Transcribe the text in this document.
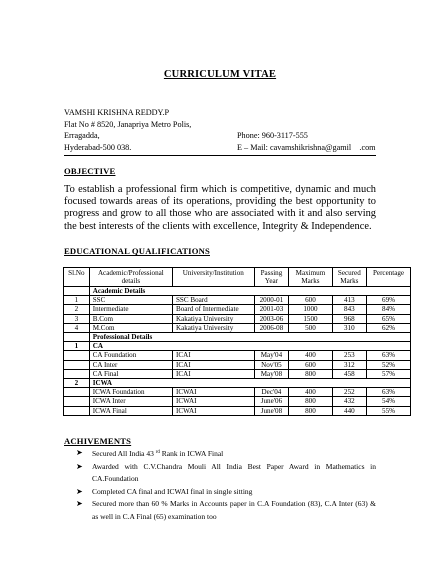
CURRICULUM VITAE
VAMSHI KRISHNA REDDY.P
Flat No # 8520, Janapriya Metro Polis,
Erragadda,
Hyderabad-500 038.
Phone: 960-3117-555
E – Mail: cavamshikrishna@gamil .com
OBJECTIVE
To establish a professional firm which is competitive, dynamic and much focused towards areas of its operations, providing the best opportunity to progress and grow to all those who are associated with it and also serving the best interests of the clients with excellence, Integrity & Independence.
EDUCATIONAL QUALIFICATIONS
Sl.No	Academic/Professional details	University/Institution	Passing Year	Maximum Marks	Secured Marks	Percentage
	Academic Details					
1	SSC	SSC Board	2000-01	600	413	69%
2	Intermediate	Board of Intermediate	2001-03	1000	843	84%
3	B.Com	Kakatiya University	2003-06	1500	968	65%
4	M.Com	Kakatiya University	2006-08	500	310	62%
	Professional Details					
1	CA					
	CA Foundation	ICAI	May'04	400	253	63%
	CA Inter	ICAI	Nov'05	600	312	52%
	CA Final	ICAI	May'08	800	458	57%
2	ICWA					
	ICWA Foundation	ICWAI	Dec'04	400	252	63%
	ICWA Inter	ICWAI	June'06	800	432	54%
	ICWA Final	ICWAI	June'08	800	440	55%
ACHIVEMENTS
➤ Secured All India 43 $^{rd}$ Rank in ICWA Final
➤ Awarded with C.V.Chandra Mouli All India Best Paper Award in Mathematics in CA.Foundation
➤ Completed CA final and ICWAI final in single sitting
➤ Secured more than 60 % Marks in Accounts paper in C.A Foundation (83), C.A Inter (63) & as well in C.A Final (65) examination too
